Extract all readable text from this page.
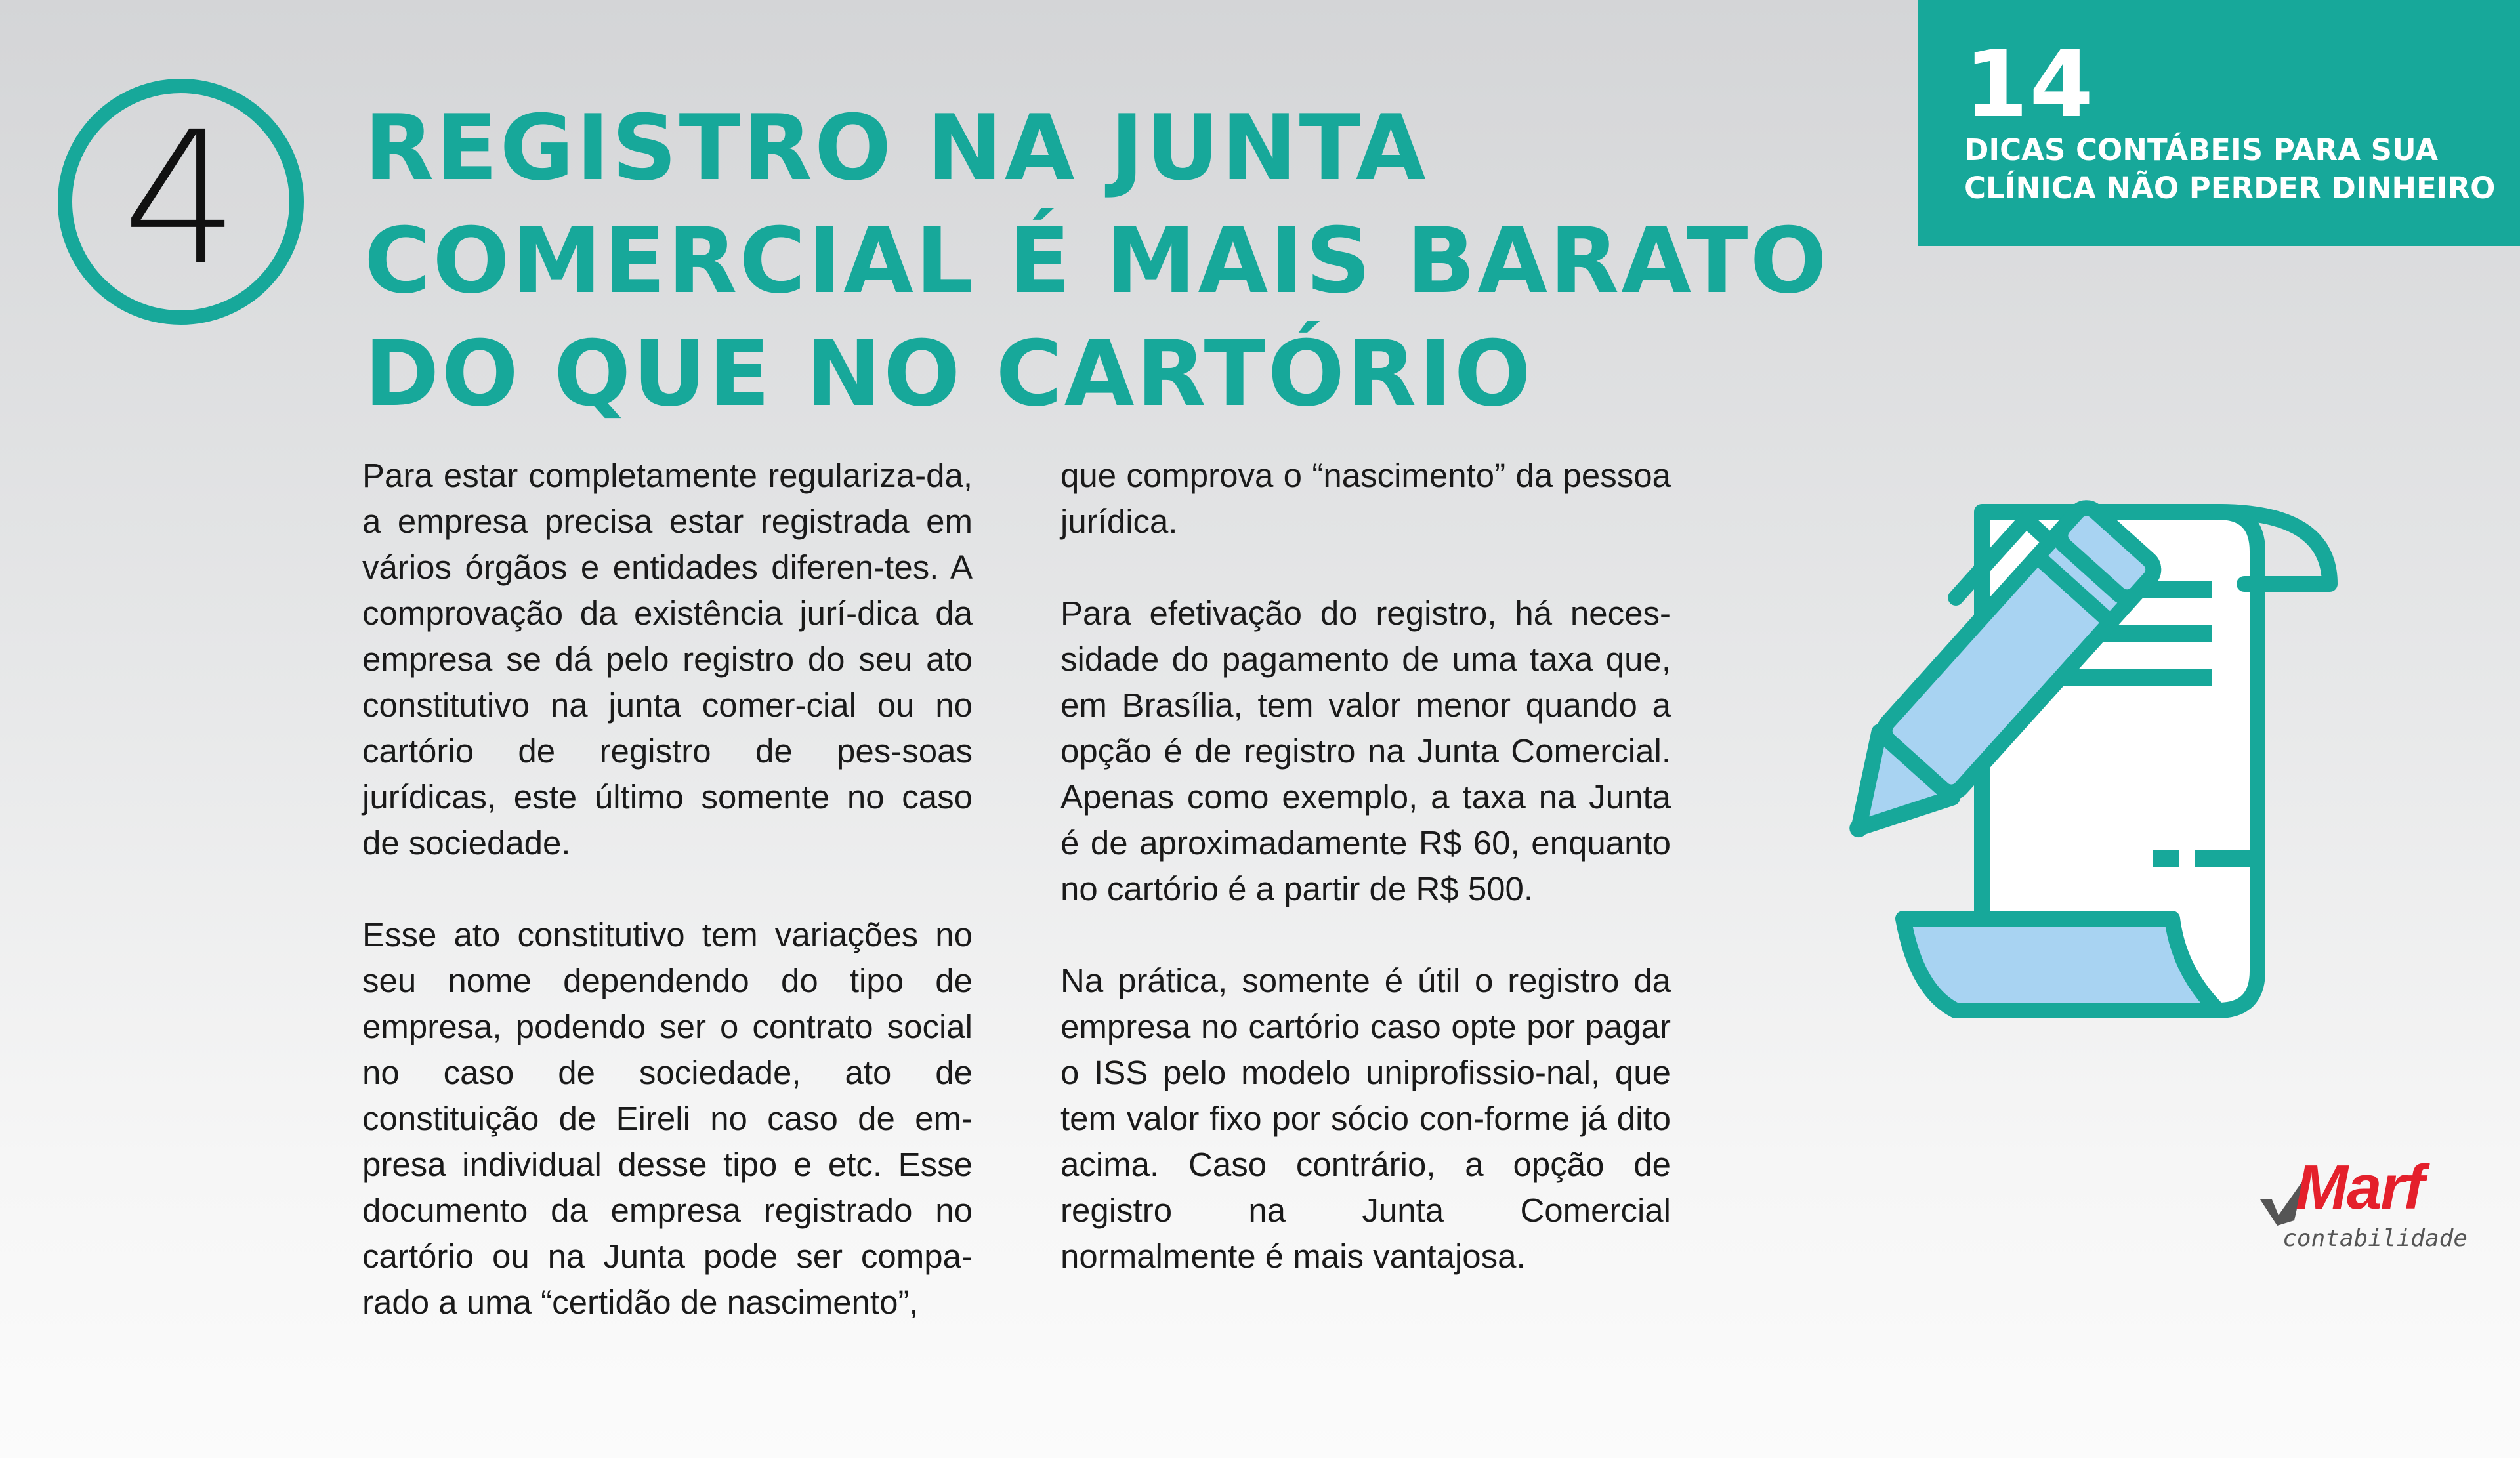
4 REGISTRO NA JUNTA
COMERCIAL É MAIS BARATO
DO QUE NO CARTÓRIO
14
DICAS CONTÁBEIS PARA SUA
CLÍNICA NÃO PERDER DINHEIRO

Para estar completamente regulariza-da, a empresa precisa estar registrada em vários órgãos e entidades diferen-tes. A comprovação da existência jurí-dica da empresa se dá pelo registro do seu ato constitutivo na junta comer-cial ou no cartório de registro de pes-soas jurídicas, este último somente no caso de sociedade.

Esse ato constitutivo tem variações no seu nome dependendo do tipo de empresa, podendo ser o contrato social no caso de sociedade, ato de constituição de Eireli no caso de em-presa individual desse tipo e etc. Esse documento da empresa registrado no cartório ou na Junta pode ser compa-rado a uma “certidão de nascimento”,

que comprova o “nascimento” da pessoa jurídica.

Para efetivação do registro, há neces-sidade do pagamento de uma taxa que, em Brasília, tem valor menor quando a opção é de registro na Junta Comercial. Apenas como exemplo, a taxa na Junta é de aproximadamente R$ 60, enquanto no cartório é a partir de R$ 500.

Na prática, somente é útil o registro da empresa no cartório caso opte por pagar o ISS pelo modelo uniprofissio-nal, que tem valor fixo por sócio con-forme já dito acima. Caso contrário, a opção de registro na Junta Comercial normalmente é mais vantajosa.

Marf
contabilidade
